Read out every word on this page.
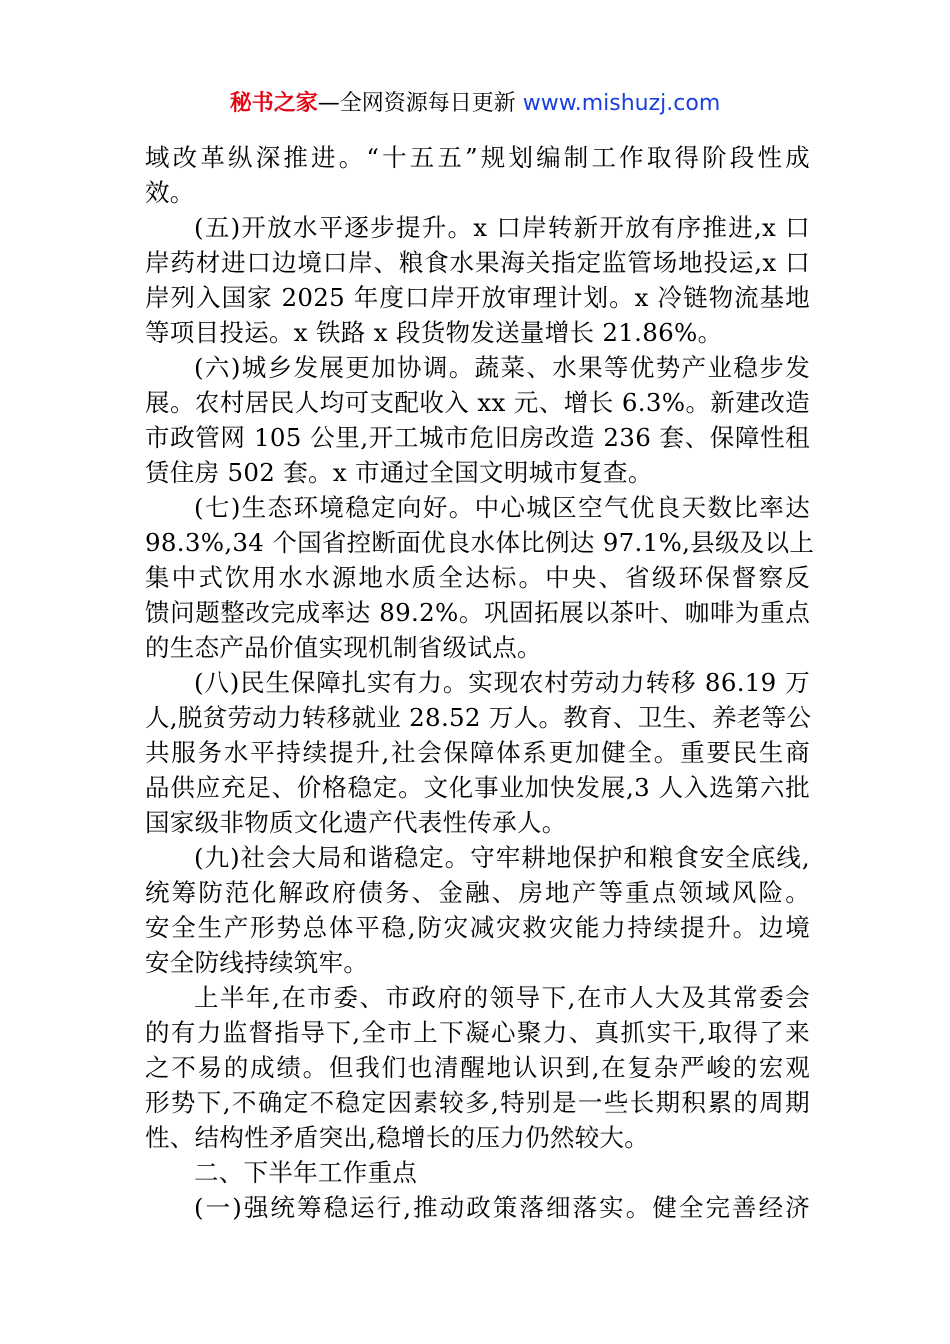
秘书之家—全网资源每日更新 www.mishuzj.com
域改革纵深推进。“十五五”规划编制工作取得阶段性成
效。
(五)开放水平逐步提升。x 口岸转新开放有序推进,x 口
岸药材进口边境口岸、粮食水果海关指定监管场地投运,x 口
岸列入国家 2025 年度口岸开放审理计划。x 冷链物流基地
等项目投运。x 铁路 x 段货物发送量增长 21.86%。
(六)城乡发展更加协调。蔬菜、水果等优势产业稳步发
展。农村居民人均可支配收入 xx 元、增长 6.3%。新建改造
市政管网 105 公里,开工城市危旧房改造 236 套、保障性租
赁住房 502 套。x 市通过全国文明城市复查。
(七)生态环境稳定向好。中心城区空气优良天数比率达
98.3%,34 个国省控断面优良水体比例达 97.1%,县级及以上
集中式饮用水水源地水质全达标。中央、省级环保督察反
馈问题整改完成率达 89.2%。巩固拓展以茶叶、咖啡为重点
的生态产品价值实现机制省级试点。
(八)民生保障扎实有力。实现农村劳动力转移 86.19 万
人,脱贫劳动力转移就业 28.52 万人。教育、卫生、养老等公
共服务水平持续提升,社会保障体系更加健全。重要民生商
品供应充足、价格稳定。文化事业加快发展,3 人入选第六批
国家级非物质文化遗产代表性传承人。
(九)社会大局和谐稳定。守牢耕地保护和粮食安全底线,
统筹防范化解政府债务、金融、房地产等重点领域风险。
安全生产形势总体平稳,防灾减灾救灾能力持续提升。边境
安全防线持续筑牢。
上半年,在市委、市政府的领导下,在市人大及其常委会
的有力监督指导下,全市上下凝心聚力、真抓实干,取得了来
之不易的成绩。但我们也清醒地认识到,在复杂严峻的宏观
形势下,不确定不稳定因素较多,特别是一些长期积累的周期
性、结构性矛盾突出,稳增长的压力仍然较大。
二、下半年工作重点
(一)强统筹稳运行,推动政策落细落实。健全完善经济
